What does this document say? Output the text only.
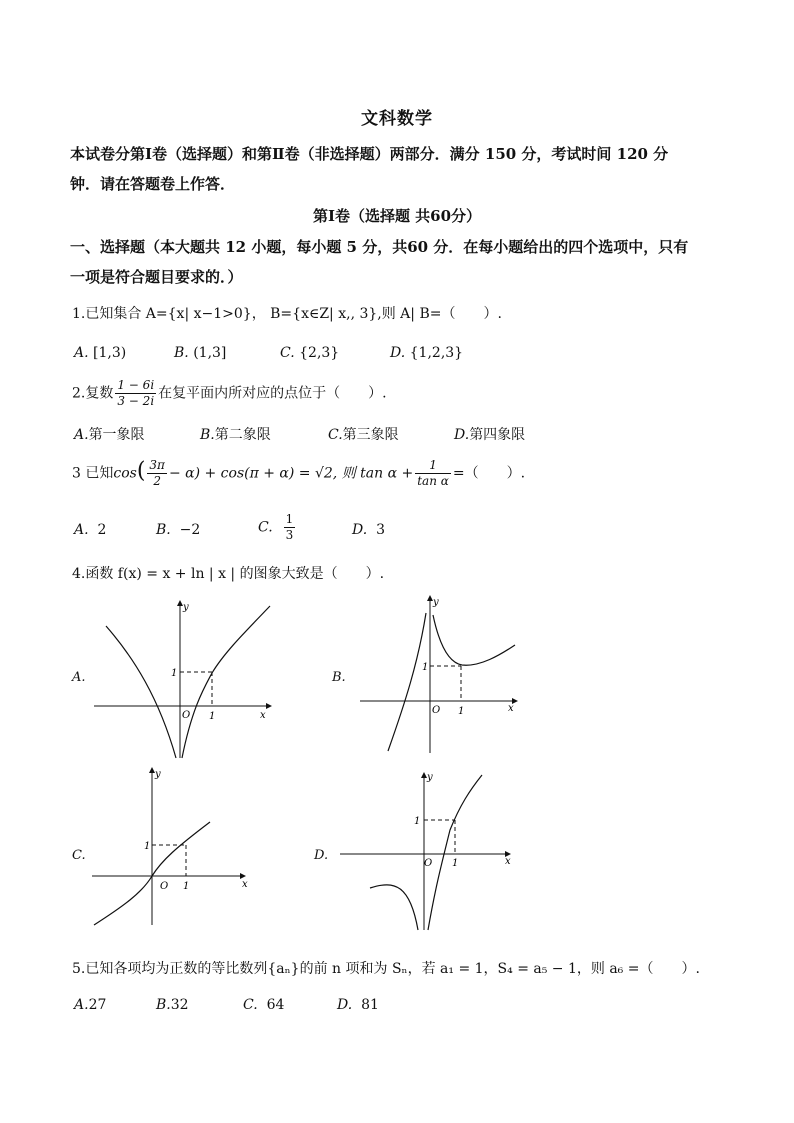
文科数学
本试卷分第Ⅰ卷（选择题）和第Ⅱ卷（非选择题）两部分．满分 150 分，考试时间 120 分
钟．请在答题卷上作答．
第Ⅰ卷（选择题 共60分）
一、选择题（本大题共 12 小题，每小题 5 分，共60 分．在每小题给出的四个选项中，只有
一项是符合题目要求的．）
1.已知集合 A={x| x−1>0}， B={x∈Z| x,, 3},则 A| B=（　　）.
A. [1,3)	B. (1,3]	C. {2,3}	D. {1,2,3}
2.复数 $\frac{1 - 6i}{3 - 2i}$ 在复平面内所对应的点位于（　　）.
A.第一象限	B.第二象限	C.第三象限	D.第四象限
3 已知$\cos( \frac{3\pi}{2} - \alpha) + \cos(\pi + \alpha) = √2$, 则 $\tan \alpha + \frac{1}{\text{tan α}}$ =（　　）.
A. 2	B. −2	C. $\frac{1}{3}$	D. 3
4.函数 f(x) = x + ln | x | 的图象大致是（　　）.
A.	B.
C.	D.
y
x
O 1
1
y
x
O 1
1
y
x
O 1
1
y
x
O 1
1
5.已知各项均为正数的等比数列{aₙ}的前 n 项和为 Sₙ，若 a₁ = 1，S₄ = a₅ − 1，则 a₆ =（　　）.
A.27	B.32	C. 64	D. 81
